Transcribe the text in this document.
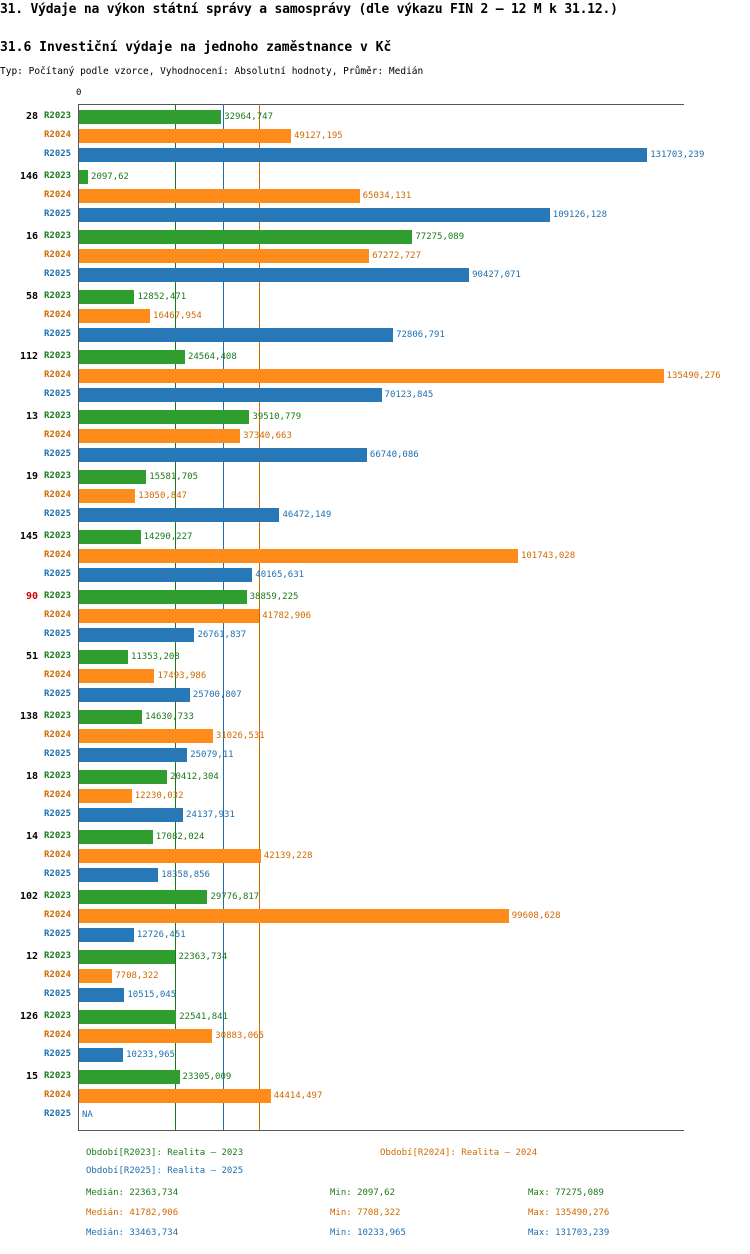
31. Výdaje na výkon státní správy a samosprávy (dle výkazu FIN 2 – 12 M k 31.12.)
31.6 Investiční výdaje na jednoho zaměstnance v Kč
Typ: Počítaný podle vzorce, Vyhodnocení: Absolutní hodnoty, Průměr: Medián
0
28 R2023	32964,747
R2024	49127,195
R2025	131703,239
146 R2023 2097,62
R2024	65034,131
R2025	109126,128
16 R2023	77275,089
R2024	67272,727
R2025	90427,071
58 R2023	12852,471
R2024	16467,954
R2025	72806,791
112 R2023	24564,408
R2024	135490,276
R2025	70123,845
13 R2023	39510,779
R2024	37340,663
R2025	66740,086
19 R2023	15581,705
R2024	13050,847
R2025	46472,149
145 R2023	14290,227
R2024	101743,028
R2025	40165,631
90 R2023	38859,225
R2024	41782,906
R2025	26761,837
51 R2023	11353,208
R2024	17493,986
R2025	25700,807
138 R2023	14630,733
R2024	31026,531
R2025	25079,11
18 R2023	20412,304
R2024	12230,032
R2025	24137,931
14 R2023	17082,024
R2024	42139,228
R2025	18358,856
102 R2023	29776,817
R2024	99608,628
R2025	12726,451
12 R2023	22363,734
R2024	7708,322
R2025	10515,045
126 R2023	22541,841
R2024	30883,065
R2025	10233,965
15 R2023	23305,009
R2024	44414,497
R2025 NA
Období[R2023]: Realita – 2023	Období[R2024]: Realita – 2024
Období[R2025]: Realita – 2025
Medián: 22363,734	Min: 2097,62	Max: 77275,089
Medián: 41782,906	Min: 7708,322	Max: 135490,276
Medián: 33463,734	Min: 10233,965	Max: 131703,239
